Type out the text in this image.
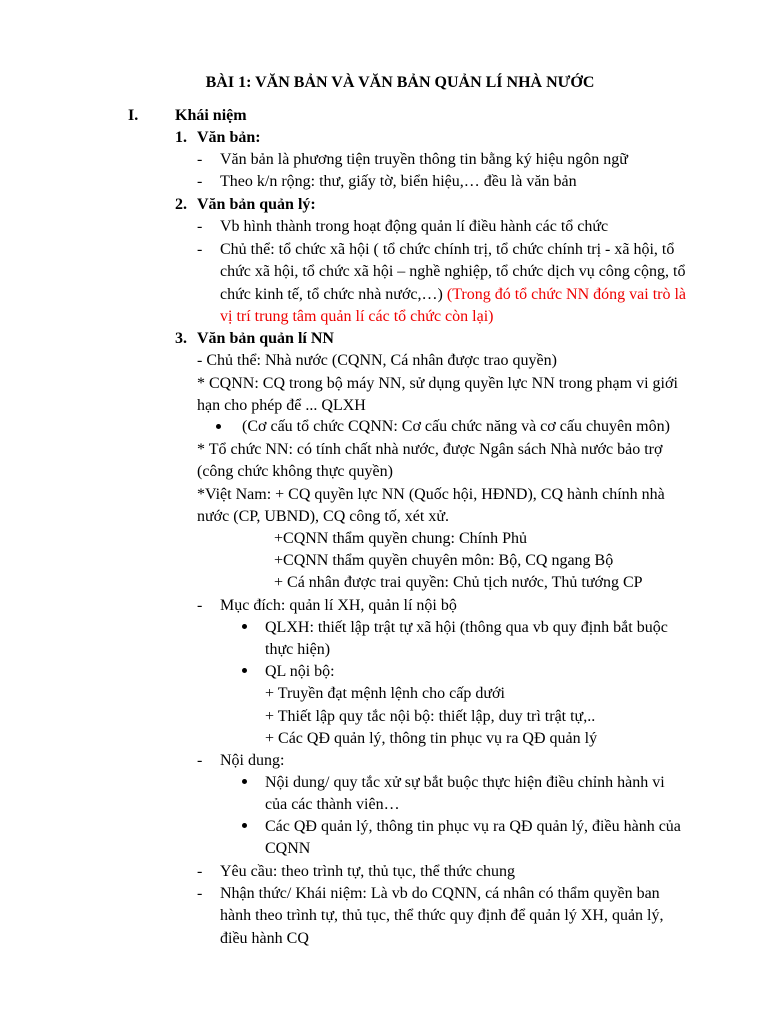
BÀI 1: VĂN BẢN VÀ VĂN BẢN QUẢN LÍ NHÀ NƯỚC
I. Khái niệm
1. Văn bản:
- Văn bản là phương tiện truyền thông tin bằng ký hiệu ngôn ngữ
- Theo k/n rộng: thư, giấy tờ, biển hiệu,… đều là văn bản
2. Văn bản quản lý:
- Vb hình thành trong hoạt động quản lí điều hành các tổ chức
- Chủ thể: tổ chức xã hội ( tổ chức chính trị, tổ chức chính trị - xã hội, tổ
chức xã hội, tổ chức xã hội – nghề nghiệp, tổ chức dịch vụ công cộng, tổ
chức kinh tế, tổ chức nhà nước,…) (Trong đó tổ chức NN đóng vai trò là
vị trí trung tâm quản lí các tổ chức còn lại)
3. Văn bản quản lí NN
- Chủ thể: Nhà nước (CQNN, Cá nhân được trao quyền)
* CQNN: CQ trong bộ máy NN, sử dụng quyền lực NN trong phạm vi giới
hạn cho phép để ... QLXH
(Cơ cấu tổ chức CQNN: Cơ cấu chức năng và cơ cấu chuyên môn)
* Tổ chức NN: có tính chất nhà nước, được Ngân sách Nhà nước bảo trợ
(công chức không thực quyền)
*Việt Nam: + CQ quyền lực NN (Quốc hội, HĐND), CQ hành chính nhà
nước (CP, UBND), CQ công tố, xét xử.
+CQNN thẩm quyền chung: Chính Phủ
+CQNN thẩm quyền chuyên môn: Bộ, CQ ngang Bộ
+ Cá nhân được trai quyền: Chủ tịch nước, Thủ tướng CP
- Mục đích: quản lí XH, quản lí nội bộ
QLXH: thiết lập trật tự xã hội (thông qua vb quy định bắt buộc
thực hiện)
QL nội bộ:
+ Truyền đạt mệnh lệnh cho cấp dưới
+ Thiết lập quy tắc nội bộ: thiết lập, duy trì trật tự,..
+ Các QĐ quản lý, thông tin phục vụ ra QĐ quản lý
- Nội dung:
Nội dung/ quy tắc xử sự bắt buộc thực hiện điều chỉnh hành vi
của các thành viên…
Các QĐ quản lý, thông tin phục vụ ra QĐ quản lý, điều hành của
CQNN
- Yêu cầu: theo trình tự, thủ tục, thể thức chung
- Nhận thức/ Khái niệm: Là vb do CQNN, cá nhân có thẩm quyền ban
hành theo trình tự, thủ tục, thể thức quy định để quản lý XH, quản lý,
điều hành CQ
